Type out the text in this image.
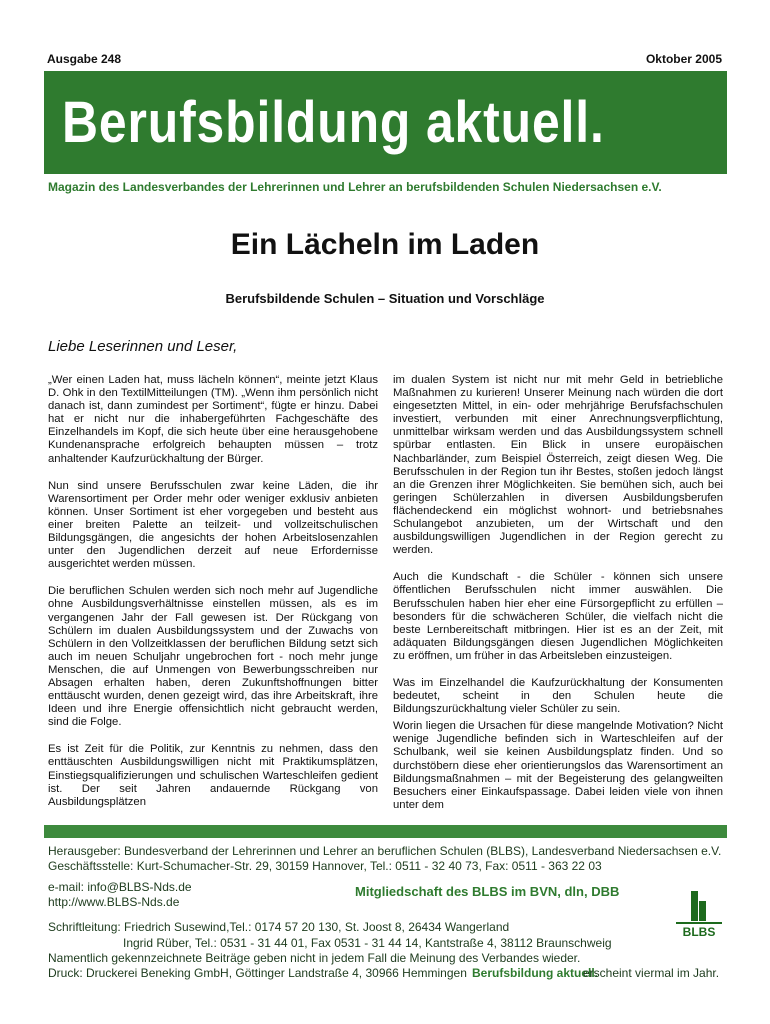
Ausgabe 248	Oktober 2005
Berufsbildung aktuell.
Magazin des Landesverbandes der Lehrerinnen und Lehrer an berufsbildenden Schulen Niedersachsen e.V.
Ein Lächeln im Laden
Berufsbildende Schulen – Situation und Vorschläge
Liebe Leserinnen und Leser,

„Wer einen Laden hat, muss lächeln können“, meinte jetzt Klaus D. Ohk in den TextilMitteilungen (TM). „Wenn ihm persönlich nicht danach ist, dann zumindest per Sortiment“, fügte er hinzu. Dabei hat er nicht nur die inhabergeführten Fachgeschäfte des Einzelhandels im Kopf, die sich heute über eine herausgehobene Kundenansprache erfolgreich behaupten müssen – trotz anhaltender Kaufzurückhaltung der Bürger.

Nun sind unsere Berufsschulen zwar keine Läden, die ihr Warensortiment per Order mehr oder weniger exklusiv anbieten können. Unser Sortiment ist eher vorgegeben und besteht aus einer breiten Palette an teilzeit- und vollzeitschulischen Bildungsgängen, die angesichts der hohen Arbeitslosenzahlen unter den Jugendlichen derzeit auf neue Erfordernisse ausgerichtet werden müssen.

Die beruflichen Schulen werden sich noch mehr auf Jugendliche ohne Ausbildungsverhältnisse einstellen müssen, als es im vergangenen Jahr der Fall gewesen ist. Der Rückgang von Schülern im dualen Ausbildungssystem und der Zuwachs von Schülern in den Vollzeitklassen der beruflichen Bildung setzt sich auch im neuen Schuljahr ungebrochen fort - noch mehr junge Menschen, die auf Unmengen von Bewerbungsschreiben nur Absagen erhalten haben, deren Zukunftshoffnungen bitter enttäuscht wurden, denen gezeigt wird, das ihre Arbeitskraft, ihre Ideen und ihre Energie offensichtlich nicht gebraucht werden, sind die Folge.

Es ist Zeit für die Politik, zur Kenntnis zu nehmen, dass den enttäuschten Ausbildungswilligen nicht mit Praktikumsplätzen, Einstiegsqualifizierungen und schulischen Warteschleifen gedient ist. Der seit Jahren andauernde Rückgang von Ausbildungsplätzen

im dualen System ist nicht nur mit mehr Geld in betriebliche Maßnahmen zu kurieren! Unserer Meinung nach würden die dort eingesetzten Mittel, in ein- oder mehrjährige Berufsfachschulen investiert, verbunden mit einer Anrechnungsverpflichtung, unmittelbar wirksam werden und das Ausbildungssystem schnell spürbar entlasten. Ein Blick in unsere europäischen Nachbarländer, zum Beispiel Österreich, zeigt diesen Weg. Die Berufsschulen in der Region tun ihr Bestes, stoßen jedoch längst an die Grenzen ihrer Möglichkeiten. Sie bemühen sich, auch bei geringen Schülerzahlen in diversen Ausbildungsberufen flächendeckend ein möglichst wohnort- und betriebsnahes Schulangebot anzubieten, um der Wirtschaft und den ausbildungswilligen Jugendlichen in der Region gerecht zu werden.

Auch die Kundschaft - die Schüler - können sich unsere öffentlichen Berufsschulen nicht immer auswählen. Die Berufsschulen haben hier eher eine Fürsorgepflicht zu erfüllen – besonders für die schwächeren Schüler, die vielfach nicht die beste Lernbereitschaft mitbringen. Hier ist es an der Zeit, mit adäquaten Bildungsgängen diesen Jugendlichen Möglichkeiten zu eröffnen, um früher in das Arbeitsleben einzusteigen.

Was im Einzelhandel die Kaufzurückhaltung der Konsumenten bedeutet, scheint in den Schulen heute die Bildungszurückhaltung vieler Schüler zu sein.

Worin liegen die Ursachen für diese mangelnde Motivation? Nicht wenige Jugendliche befinden sich in Warteschleifen auf der Schulbank, weil sie keinen Ausbildungsplatz finden. Und so durchstöbern diese eher orientierungslos das Warensortiment an Bildungsmaßnahmen – mit der Begeisterung des gelangweilten Besuchers einer Einkaufspassage. Dabei leiden viele von ihnen unter dem

Herausgeber: Bundesverband der Lehrerinnen und Lehrer an beruflichen Schulen (BLBS), Landesverband Niedersachsen e.V.
Geschäftsstelle: Kurt-Schumacher-Str. 29, 30159 Hannover, Tel.: 0511 - 32 40 73, Fax: 0511 - 363 22 03
e-mail: info@BLBS-Nds.de
http://www.BLBS-Nds.de
Mitgliedschaft des BLBS im BVN, dln, DBB
Schriftleitung: Friedrich Susewind,Tel.: 0174 57 20 130, St. Joost 8, 26434 Wangerland
Ingrid Rüber, Tel.: 0531 - 31 44 01, Fax 0531 - 31 44 14, Kantstraße 4, 38112 Braunschweig
Namentlich gekennzeichnete Beiträge geben nicht in jedem Fall die Meinung des Verbandes wieder.
Druck: Druckerei Beneking GmbH, Göttinger Landstraße 4, 30966 Hemmingen Berufsbildung aktuell.
erscheint viermal im Jahr.
BLBS
